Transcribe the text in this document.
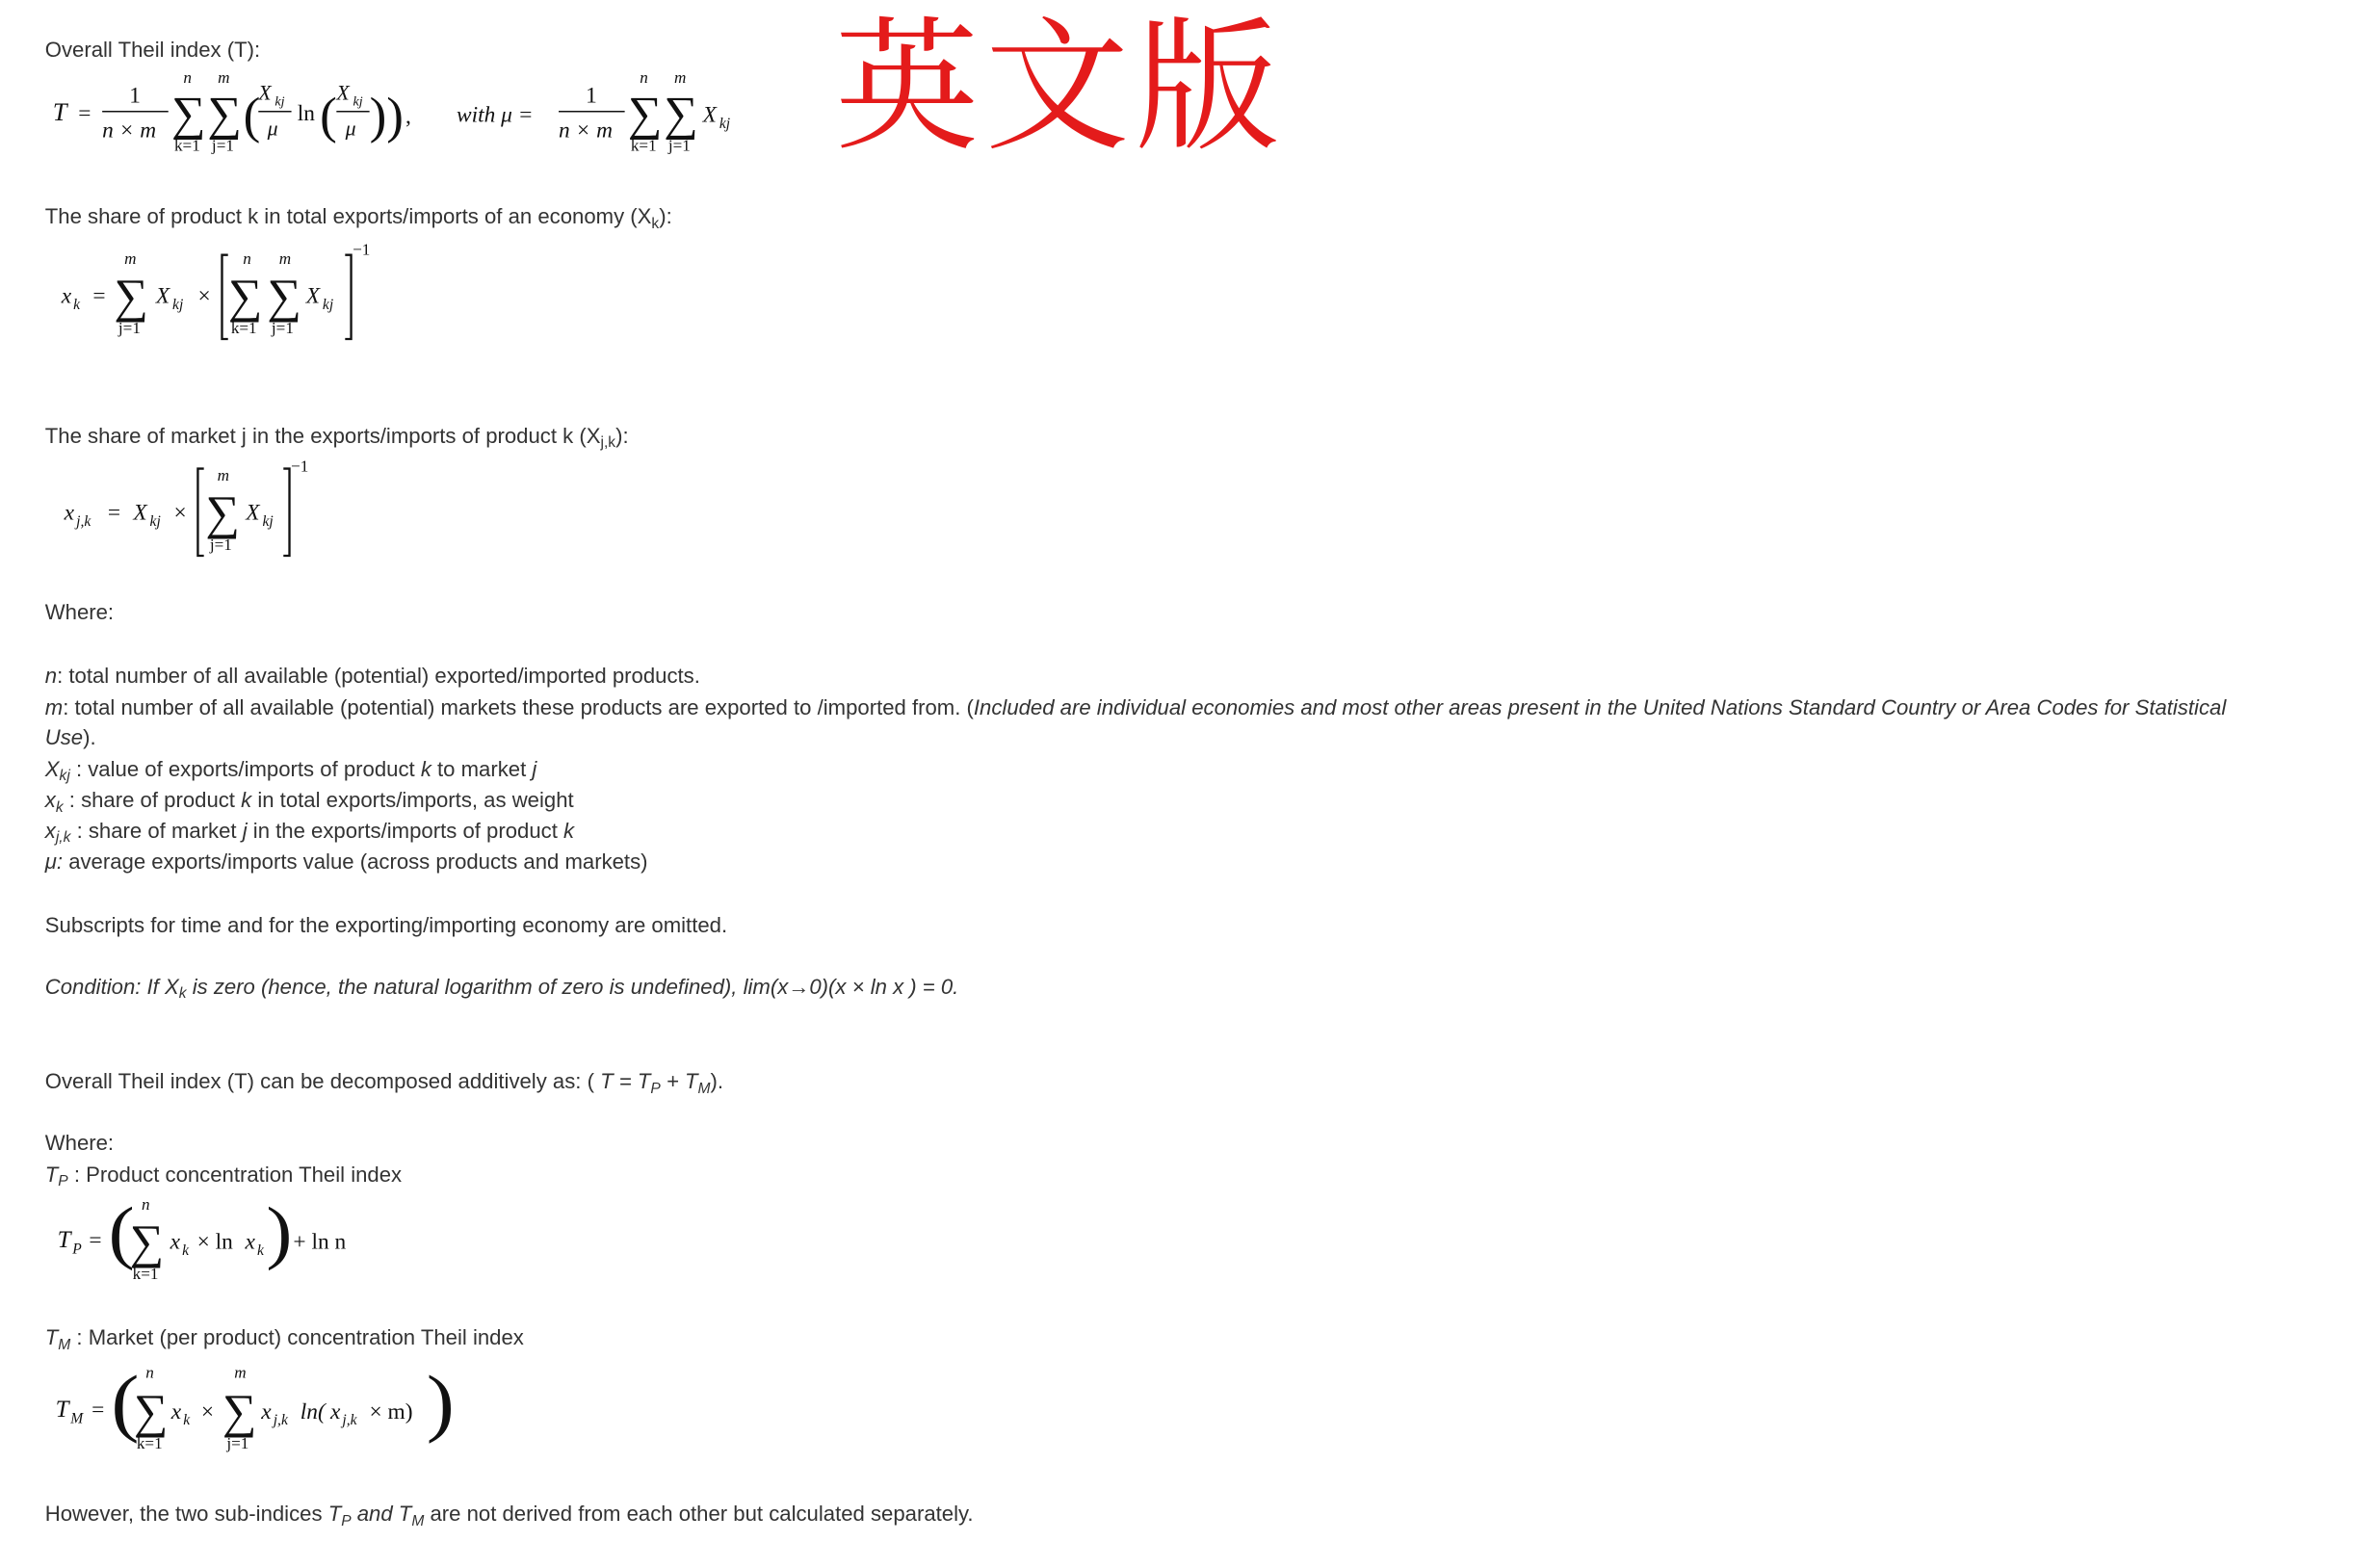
英文版
Overall Theil index (T):
T =
1
n × m
n
∑
k=1
m
∑
j=1
(
X kj
μ
ln ( X kj
μ )) ,	with μ =
1
n × m
n
∑
k=1
m
∑
j=1
X kj
The share of product k in total exports/imports of an economy $(X_k)$:
x k =
m
∑
j=1
X kj ×
n
∑
k=1
m
∑
j=1
X kj
−1
The share of market j in the exports/imports of product k $(X_{j,k})$:
x j,k = X kj ×
m
∑
j=1
X kj
−1
Where:
n: total number of all available (potential) exported/imported products.
m: total number of all available (potential) markets these products are exported to /imported from. (Included are individual economies and most other areas present in the United Nations Standard Country or Area Codes for Statistical
Use).
$X_{kj}$ : value of exports/imports of product k to market j
$x_k$ : share of product k in total exports/imports, as weight
$x_{j,k}$ : share of market j in the exports/imports of product k
μ: average exports/imports value (across products and markets)
Subscripts for time and for the exporting/importing economy are omitted.
Condition: If $X_k$ is zero (hence, the natural logarithm of zero is undefined), lim(x→0)(x × ln x ) = 0.
Overall Theil index (T) can be decomposed additively as: ( $T = T_P + T_M$).
Where:
$T_P$ : Product concentration Theil index
T P = ( n
∑
k=1
x k × ln x k ) + ln n
$T_M$ : Market (per product) concentration Theil index
T M = ( n
∑
k=1
x k ×
m
∑
j=1
x j,k ln( x j,k × m) )
However, the two sub-indices $T_P$ and $T_M$ are not derived from each other but calculated separately.
